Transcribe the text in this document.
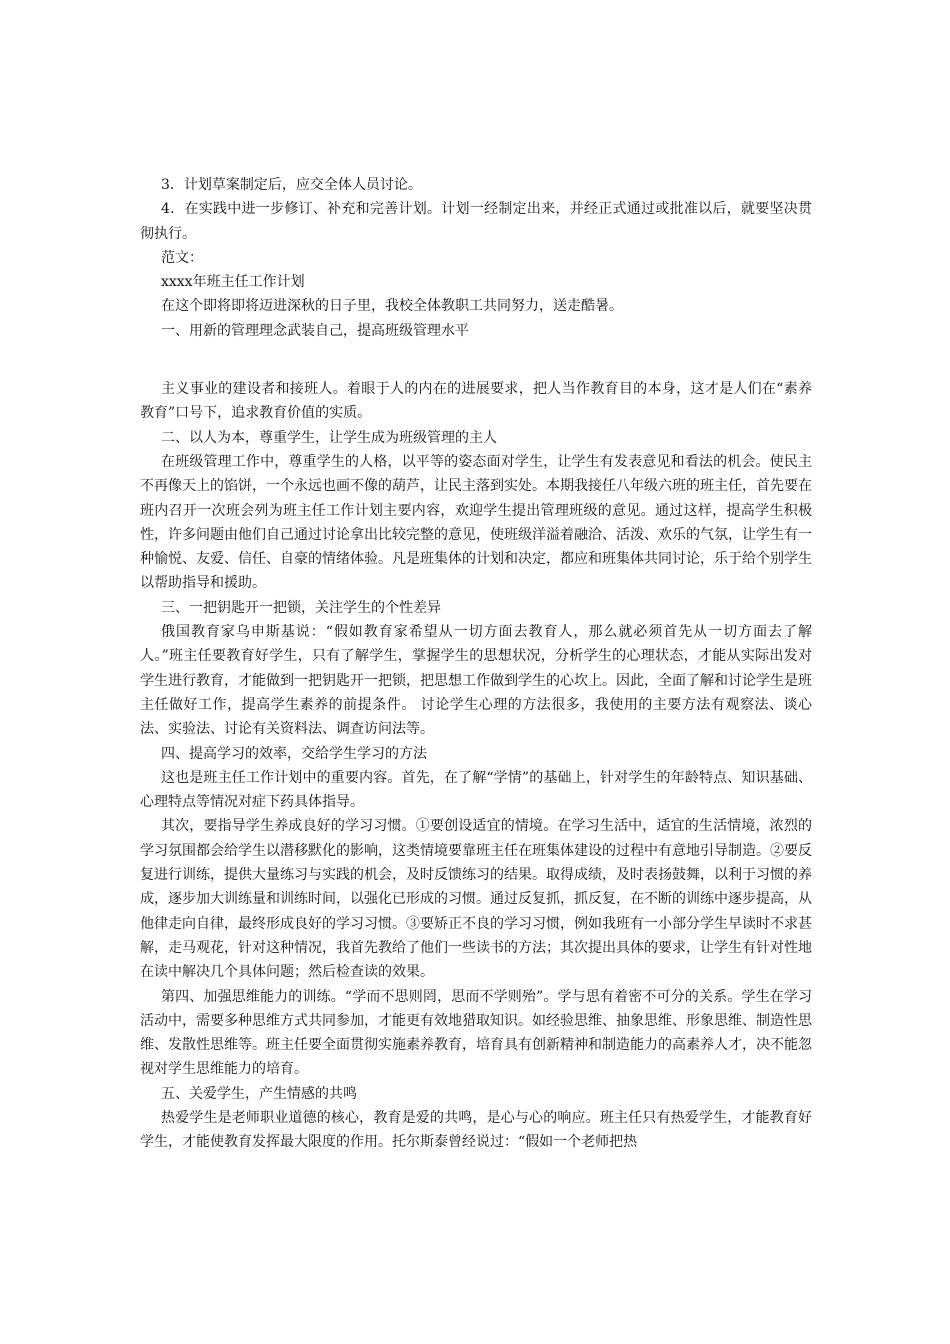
3．计划草案制定后，应交全体人员讨论。

4．在实践中进一步修订、补充和完善计划。计划一经制定出来，并经正式通过或批准以后，就要坚决贯彻执行。

范文：

xxxx年班主任工作计划

在这个即将即将迈进深秋的日子里，我校全体教职工共同努力，送走酷暑。

一、用新的管理理念武装自己，提高班级管理水平

主义事业的建设者和接班人。着眼于人的内在的进展要求，把人当作教育目的本身，这才是人们在“素养教育”口号下，追求教育价值的实质。

二、以人为本，尊重学生，让学生成为班级管理的主人

在班级管理工作中，尊重学生的人格，以平等的姿态面对学生，让学生有发表意见和看法的机会。使民主不再像天上的馅饼，一个永远也画不像的葫芦，让民主落到实处。本期我接任八年级六班的班主任，首先要在班内召开一次班会列为班主任工作计划主要内容，欢迎学生提出管理班级的意见。通过这样，提高学生积极性，许多问题由他们自己通过讨论拿出比较完整的意见，使班级洋溢着融洽、活泼、欢乐的气氛，让学生有一种愉悦、友爱、信任、自豪的情绪体验。凡是班集体的计划和决定，都应和班集体共同讨论，乐于给个别学生以帮助指导和援助。

三、一把钥匙开一把锁，关注学生的个性差异

俄国教育家乌申斯基说：“假如教育家希望从一切方面去教育人，那么就必须首先从一切方面去了解人。”班主任要教育好学生，只有了解学生，掌握学生的思想状况，分析学生的心理状态，才能从实际出发对学生进行教育，才能做到一把钥匙开一把锁，把思想工作做到学生的心坎上。因此，全面了解和讨论学生是班主任做好工作，提高学生素养的前提条件。 讨论学生心理的方法很多，我使用的主要方法有观察法、谈心法、实验法、讨论有关资料法、调查访问法等。

四、提高学习的效率，交给学生学习的方法

这也是班主任工作计划中的重要内容。首先，在了解“学情”的基础上，针对学生的年龄特点、知识基础、心理特点等情况对症下药具体指导。

其次，要指导学生养成良好的学习习惯。①要创设适宜的情境。在学习生活中，适宜的生活情境，浓烈的学习氛围都会给学生以潜移默化的影响，这类情境要靠班主任在班集体建设的过程中有意地引导制造。②要反复进行训练，提供大量练习与实践的机会，及时反馈练习的结果。取得成绩，及时表扬鼓舞，以利于习惯的养成，逐步加大训练量和训练时间，以强化已形成的习惯。通过反复抓，抓反复，在不断的训练中逐步提高，从他律走向自律，最终形成良好的学习习惯。③要矫正不良的学习习惯，例如我班有一小部分学生早读时不求甚解，走马观花，针对这种情况，我首先教给了他们一些读书的方法；其次提出具体的要求，让学生有针对性地在读中解决几个具体问题；然后检查读的效果。

第四、加强思维能力的训练。“学而不思则罔，思而不学则殆”。学与思有着密不可分的关系。学生在学习活动中，需要多种思维方式共同参加，才能更有效地猎取知识。如经验思维、抽象思维、形象思维、制造性思维、发散性思维等。班主任要全面贯彻实施素养教育，培育具有创新精神和制造能力的高素养人才，决不能忽视对学生思维能力的培育。

五、关爱学生，产生情感的共鸣

热爱学生是老师职业道德的核心，教育是爱的共鸣，是心与心的响应。班主任只有热爱学生，才能教育好学生，才能使教育发挥最大限度的作用。托尔斯泰曾经说过：“假如一个老师把热
